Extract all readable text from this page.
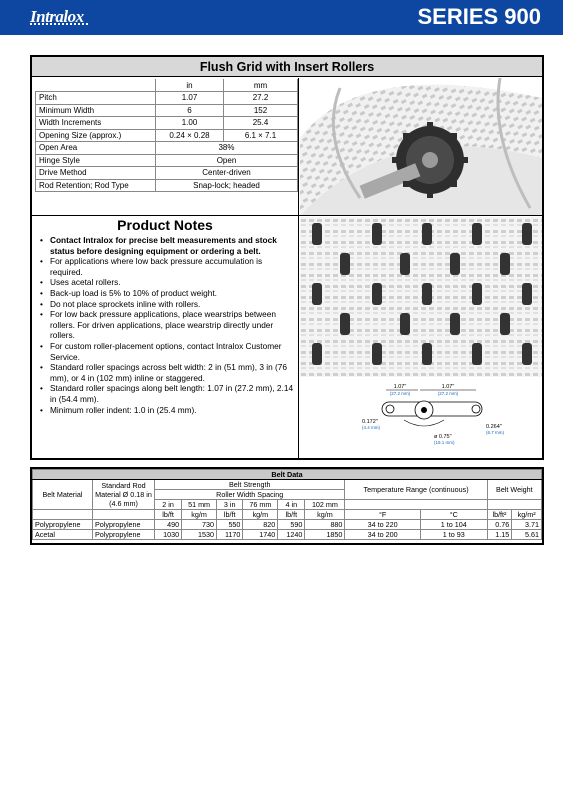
Intralox	SERIES 900
Flush Grid with Insert Rollers
	in	mm
Pitch	1.07	27.2
Minimum Width	6	152
Width Increments	1.00	25.4
Opening Size (approx.)	0.24 × 0.28	6.1 × 7.1
Open Area	38%	
Hinge Style	Open	
Drive Method	Center-driven	
Rod Retention; Rod Type	Snap-lock; headed	
Product Notes
• Contact Intralox for precise belt measurements and stock status before designing equipment or ordering a belt.
• For applications where low back pressure accumulation is required.
• Uses acetal rollers.
• Back-up load is 5% to 10% of product weight.
• Do not place sprockets inline with rollers.
• For low back pressure applications, place wearstrips between rollers. For driven applications, place wearstrip directly under rollers.
• For custom roller-placement options, contact Intralox Customer Service.
• Standard roller spacings across belt width: 2 in (51 mm), 3 in (76 mm), or 4 in (102 mm) inline or staggered.
• Standard roller spacings along belt length: 1.07 in (27.2 mm), 2.14 in (54.4 mm).
• Minimum roller indent: 1.0 in (25.4 mm).
1.07"
(27.2 mm)
1.07"
(27.2 mm)
0.172"
(4.4 mm)
ø 0.75"
(19.1 mm)
0.264"
(6.7 mm)
Belt Data											
Belt Material	Standard Rod Material Ø 0.18 in (4.6 mm)	Belt Strength						Temperature Range (continuous)		Belt Weight	
		Roller Width Spacing									
		2 in	51 mm	3 in	76 mm	4 in	102 mm				
		lb/ft	kg/m	lb/ft	kg/m	lb/ft	kg/m	°F	°C	lb/ft²	kg/m²
Polypropylene	Polypropylene	490	730	550	820	590	880	34 to 220	1 to 104	0.76	3.71
Acetal	Polypropylene	1030	1530	1170	1740	1240	1850	34 to 200	1 to 93	1.15	5.61
